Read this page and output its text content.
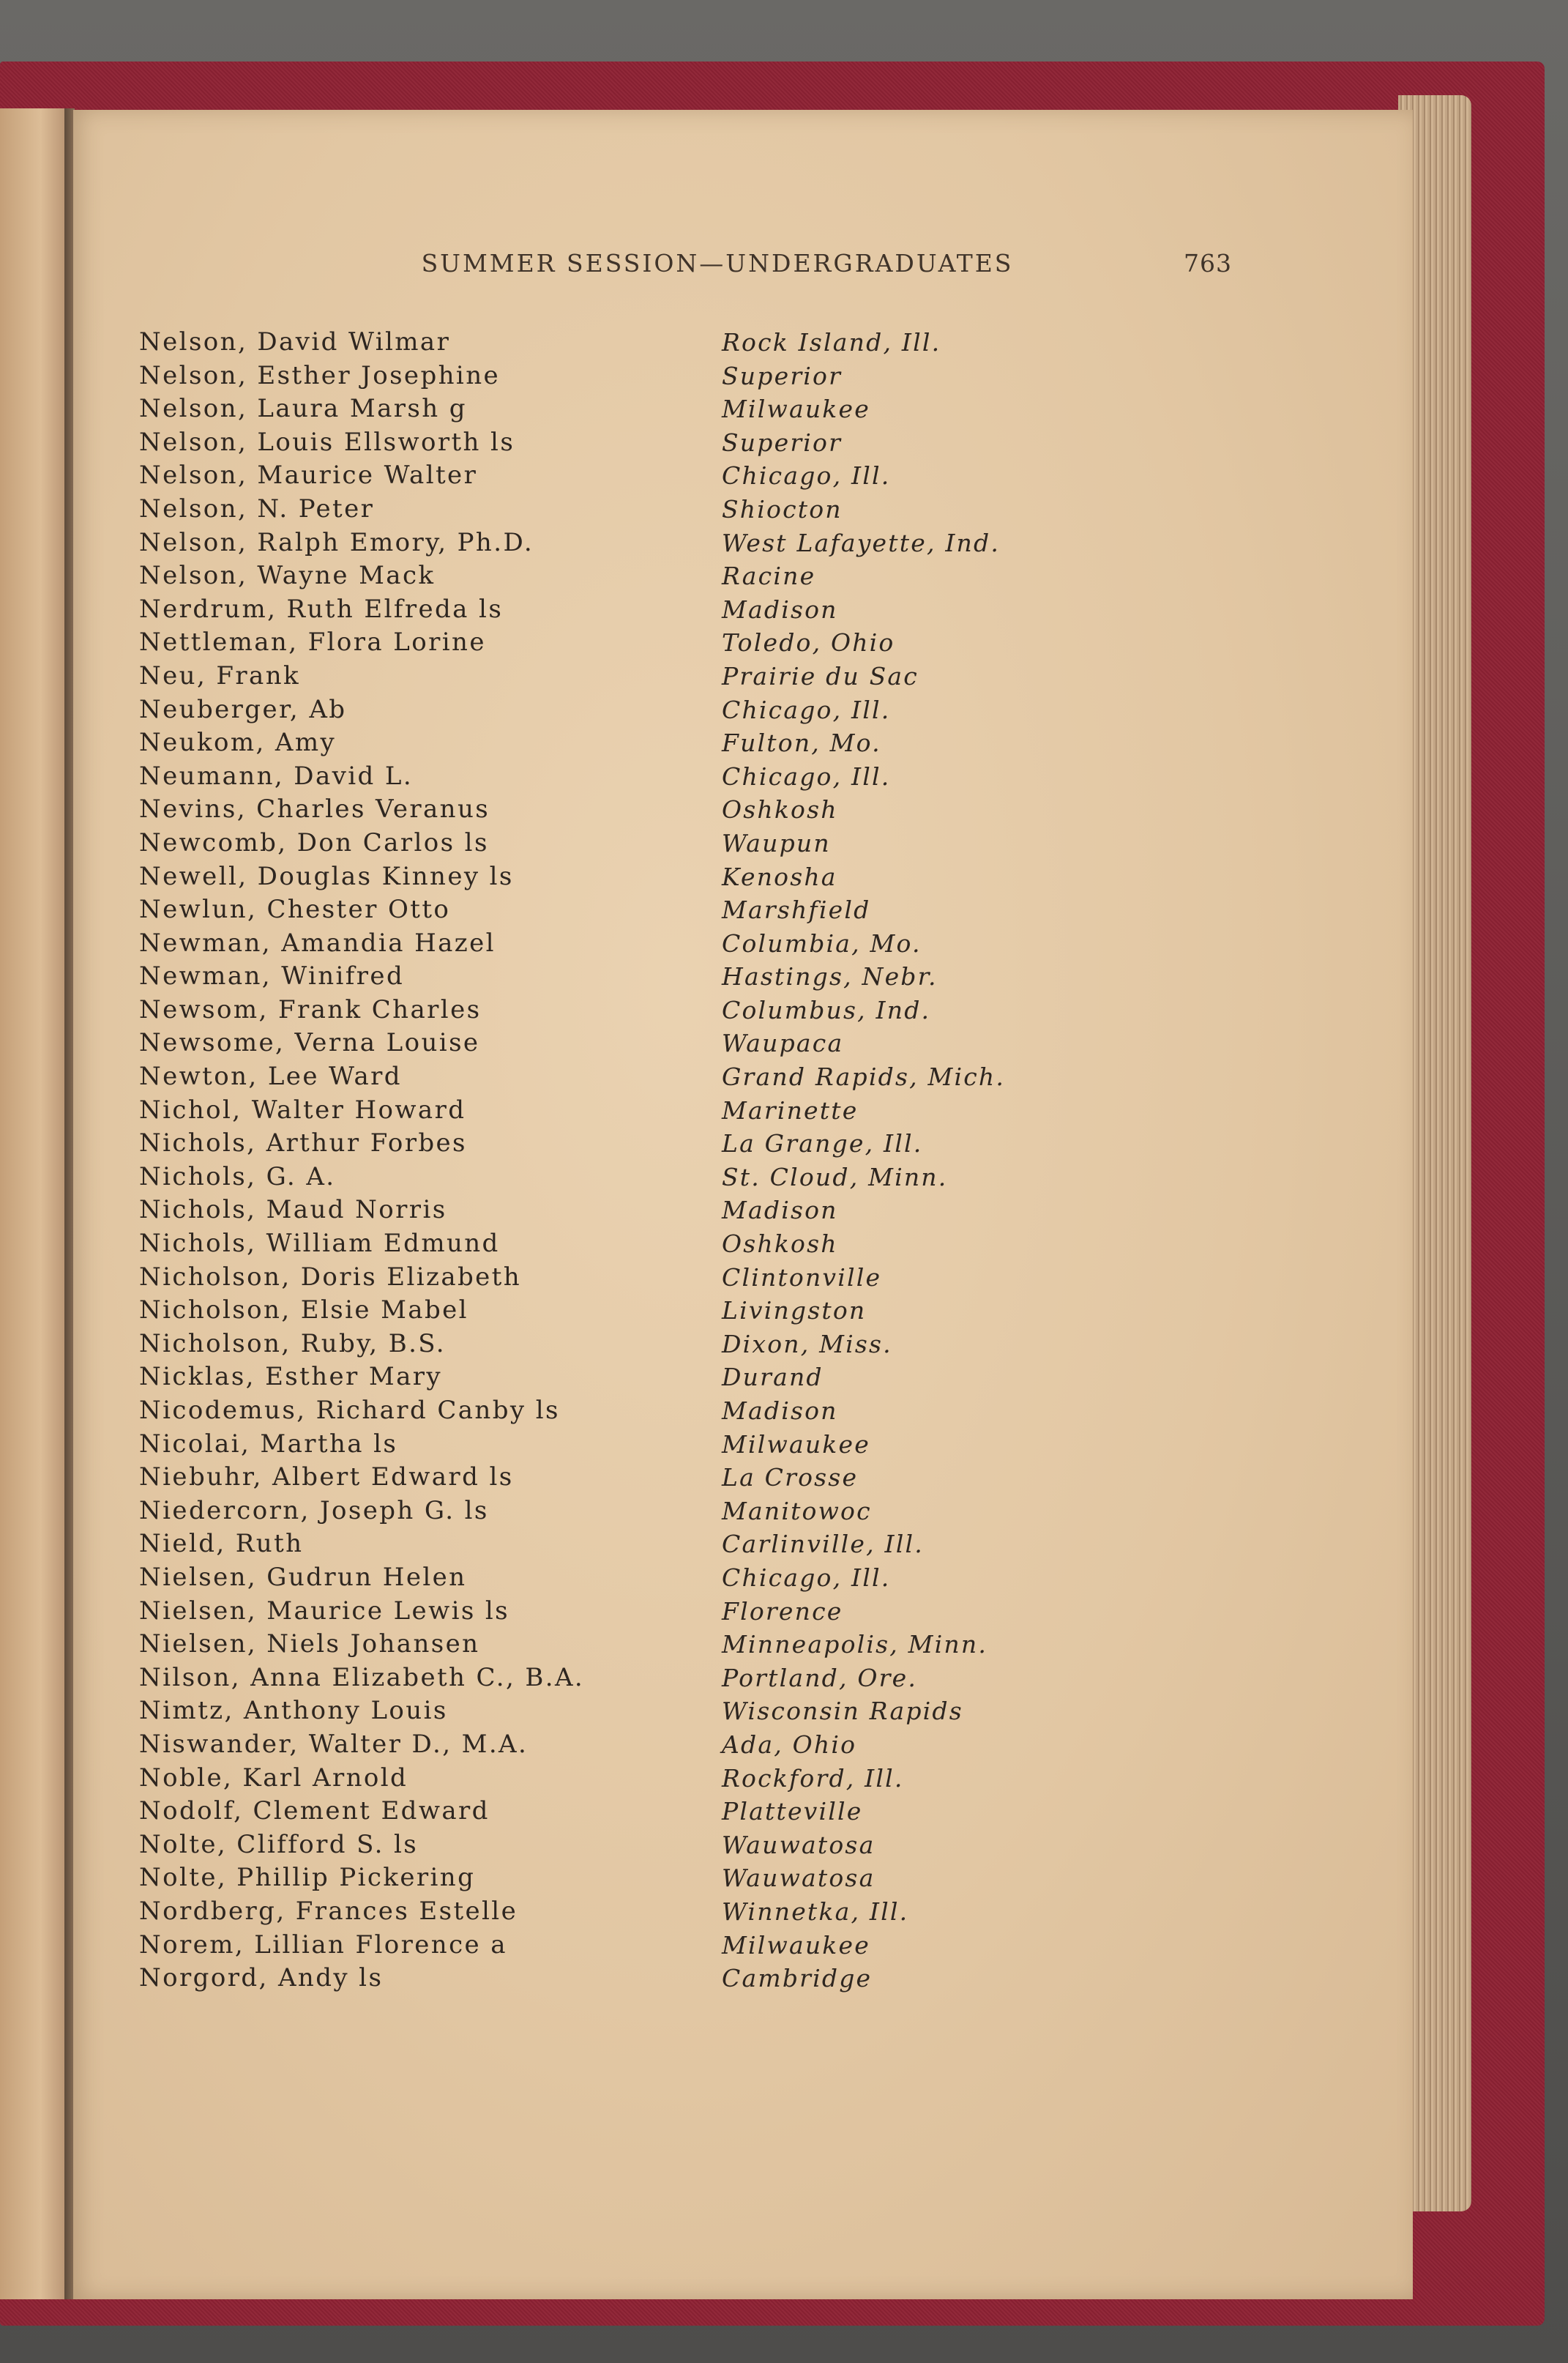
SUMMER SESSION—UNDERGRADUATES	763
Nelson, David Wilmar	Rock Island, Ill.
Nelson, Esther Josephine	Superior
Nelson, Laura Marsh g	Milwaukee
Nelson, Louis Ellsworth ls	Superior
Nelson, Maurice Walter	Chicago, Ill.
Nelson, N. Peter	Shiocton
Nelson, Ralph Emory, Ph.D.	West Lafayette, Ind.
Nelson, Wayne Mack	Racine
Nerdrum, Ruth Elfreda ls	Madison
Nettleman, Flora Lorine	Toledo, Ohio
Neu, Frank	Prairie du Sac
Neuberger, Ab	Chicago, Ill.
Neukom, Amy	Fulton, Mo.
Neumann, David L.	Chicago, Ill.
Nevins, Charles Veranus	Oshkosh
Newcomb, Don Carlos ls	Waupun
Newell, Douglas Kinney ls	Kenosha
Newlun, Chester Otto	Marshfield
Newman, Amandia Hazel	Columbia, Mo.
Newman, Winifred	Hastings, Nebr.
Newsom, Frank Charles	Columbus, Ind.
Newsome, Verna Louise	Waupaca
Newton, Lee Ward	Grand Rapids, Mich.
Nichol, Walter Howard	Marinette
Nichols, Arthur Forbes	La Grange, Ill.
Nichols, G. A.	St. Cloud, Minn.
Nichols, Maud Norris	Madison
Nichols, William Edmund	Oshkosh
Nicholson, Doris Elizabeth	Clintonville
Nicholson, Elsie Mabel	Livingston
Nicholson, Ruby, B.S.	Dixon, Miss.
Nicklas, Esther Mary	Durand
Nicodemus, Richard Canby ls	Madison
Nicolai, Martha ls	Milwaukee
Niebuhr, Albert Edward ls	La Crosse
Niedercorn, Joseph G. ls	Manitowoc
Nield, Ruth	Carlinville, Ill.
Nielsen, Gudrun Helen	Chicago, Ill.
Nielsen, Maurice Lewis ls	Florence
Nielsen, Niels Johansen	Minneapolis, Minn.
Nilson, Anna Elizabeth C., B.A.	Portland, Ore.
Nimtz, Anthony Louis	Wisconsin Rapids
Niswander, Walter D., M.A.	Ada, Ohio
Noble, Karl Arnold	Rockford, Ill.
Nodolf, Clement Edward	Platteville
Nolte, Clifford S. ls	Wauwatosa
Nolte, Phillip Pickering	Wauwatosa
Nordberg, Frances Estelle	Winnetka, Ill.
Norem, Lillian Florence a	Milwaukee
Norgord, Andy ls	Cambridge
